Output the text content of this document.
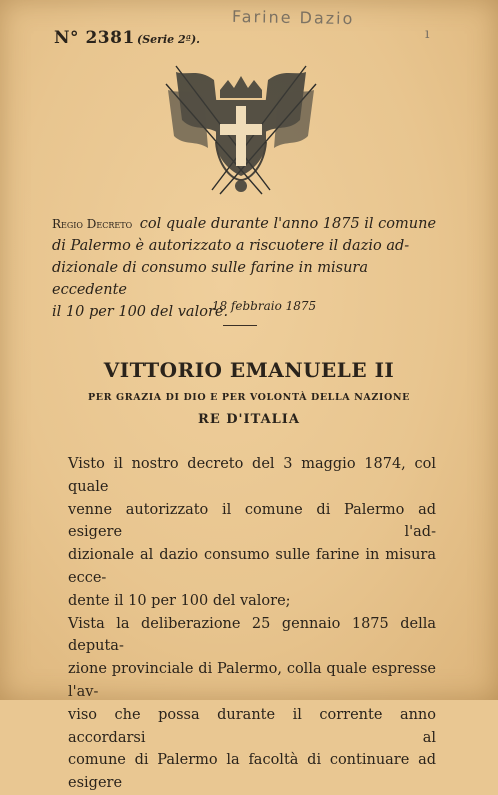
N° 2381 (Serie 2ª).
Farine Dazio
ı
Regio Decreto col quale durante l'anno 1875 il comune
di Palermo è autorizzato a riscuotere il dazio ad-
dizionale di consumo sulle farine in misura eccedente
il 10 per 100 del valore.
18 febbraio 1875
VITTORIO EMANUELE II
PER GRAZIA DI DIO E PER VOLONTÀ DELLA NAZIONE
RE D'ITALIA

Visto il nostro decreto del 3 maggio 1874, col quale

venne autorizzato il comune di Palermo ad esigere l'ad-

dizionale al dazio consumo sulle farine in misura ecce-

dente il 10 per 100 del valore;

Vista la deliberazione 25 gennaio 1875 della deputa-

zione provinciale di Palermo, colla quale espresse l'av-

viso che possa durante il corrente anno accordarsi al

comune di Palermo la facoltà di continuare ad esigere
